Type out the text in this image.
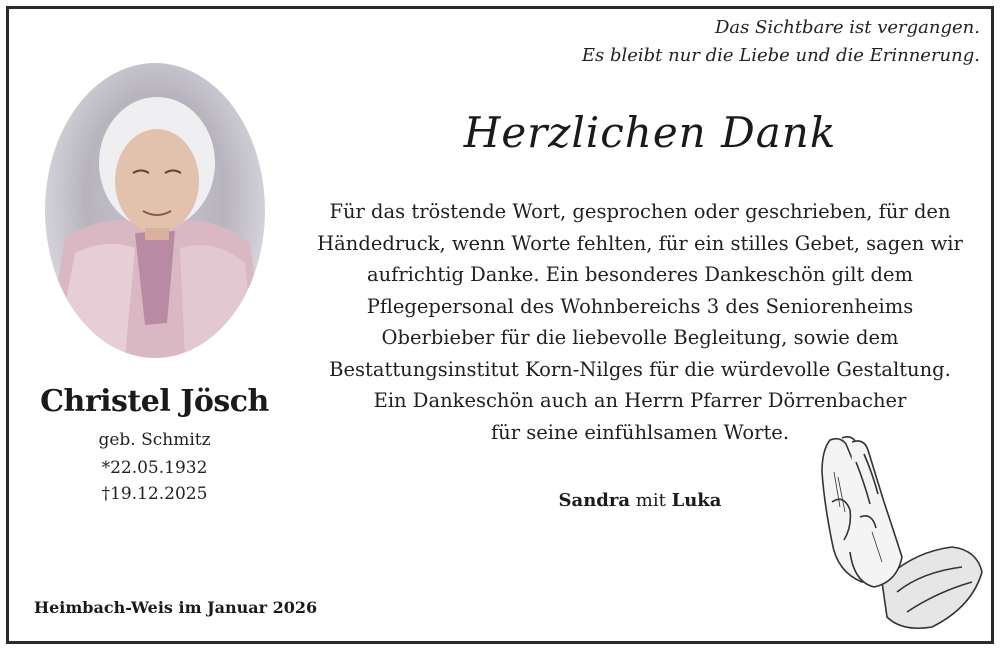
Das Sichtbare ist vergangen.
Es bleibt nur die Liebe und die Erinnerung.
Christel Jösch
geb. Schmitz
*22.05.1932
†19.12.2025
Herzlichen Dank
Für das tröstende Wort, gesprochen oder geschrieben, für den
Händedruck, wenn Worte fehlten, für ein stilles Gebet, sagen wir
aufrichtig Danke. Ein besonderes Dankeschön gilt dem
Pflegepersonal des Wohnbereichs 3 des Seniorenheims
Oberbieber für die liebevolle Begleitung, sowie dem
Bestattungsinstitut Korn-Nilges für die würdevolle Gestaltung.
Ein Dankeschön auch an Herrn Pfarrer Dörrenbacher
für seine einfühlsamen Worte.
Sandra mit Luka
Heimbach-Weis im Januar 2026
